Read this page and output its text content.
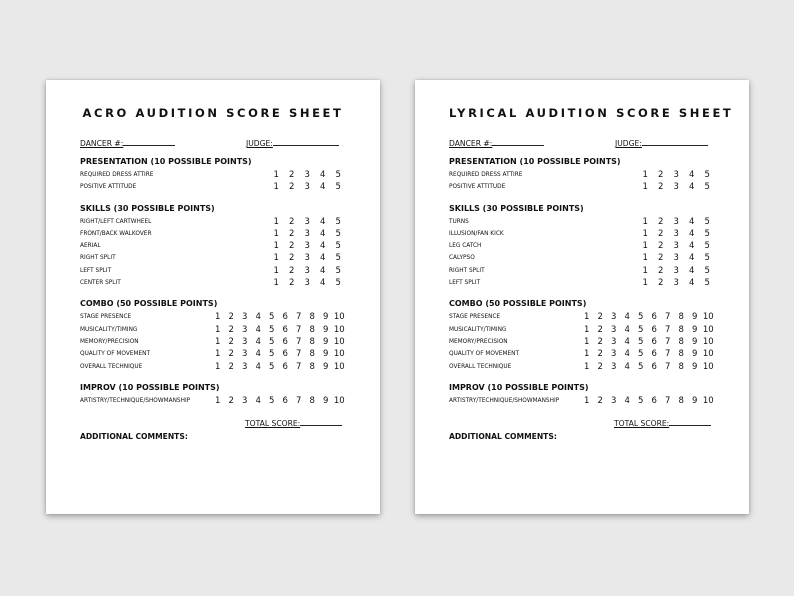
ACRO AUDITION SCORE SHEET
DANCER #:	JUDGE:
PRESENTATION (10 POSSIBLE POINTS)
REQUIRED DRESS ATTIRE	1	2	3	4	5
POSITIVE ATTITUDE	1	2	3	4	5
SKILLS (30 POSSIBLE POINTS)
RIGHT/LEFT CARTWHEEL	1	2	3	4	5
FRONT/BACK WALKOVER	1	2	3	4	5
AERIAL	1	2	3	4	5
RIGHT SPLIT	1	2	3	4	5
LEFT SPLIT	1	2	3	4	5
CENTER SPLIT	1	2	3	4	5
COMBO (50 POSSIBLE POINTS)
STAGE PRESENCE	1 2 3 4 5 6 7 8 9 10
MUSICALITY/TIMING	1 2 3 4 5 6 7 8 9 10
MEMORY/PRECISION	1 2 3 4 5 6 7 8 9 10
QUALITY OF MOVEMENT	1 2 3 4 5 6 7 8 9 10
OVERALL TECHNIQUE	1 2 3 4 5 6 7 8 9 10
IMPROV (10 POSSIBLE POINTS)
ARTISTRY/TECHNIQUE/SHOWMANSHIP	1 2 3 4 5 6 7 8 9 10
TOTAL SCORE:
ADDITIONAL COMMENTS:
LYRICAL AUDITION SCORE SHEET
DANCER #:	JUDGE:
PRESENTATION (10 POSSIBLE POINTS)
REQUIRED DRESS ATTIRE	1	2	3	4	5
POSITIVE ATTITUDE	1	2	3	4	5
SKILLS (30 POSSIBLE POINTS)
TURNS	1	2	3	4	5
ILLUSION/FAN KICK	1	2	3	4	5
LEG CATCH	1	2	3	4	5
CALYPSO	1	2	3	4	5
RIGHT SPLIT	1	2	3	4	5
LEFT SPLIT	1	2	3	4	5
COMBO (50 POSSIBLE POINTS)
STAGE PRESENCE	1 2 3 4 5 6 7 8 9 10
MUSICALITY/TIMING	1 2 3 4 5 6 7 8 9 10
MEMORY/PRECISION	1 2 3 4 5 6 7 8 9 10
QUALITY OF MOVEMENT	1 2 3 4 5 6 7 8 9 10
OVERALL TECHNIQUE	1 2 3 4 5 6 7 8 9 10
IMPROV (10 POSSIBLE POINTS)
ARTISTRY/TECHNIQUE/SHOWMANSHIP	1 2 3 4 5 6 7 8 9 10
TOTAL SCORE:
ADDITIONAL COMMENTS:
